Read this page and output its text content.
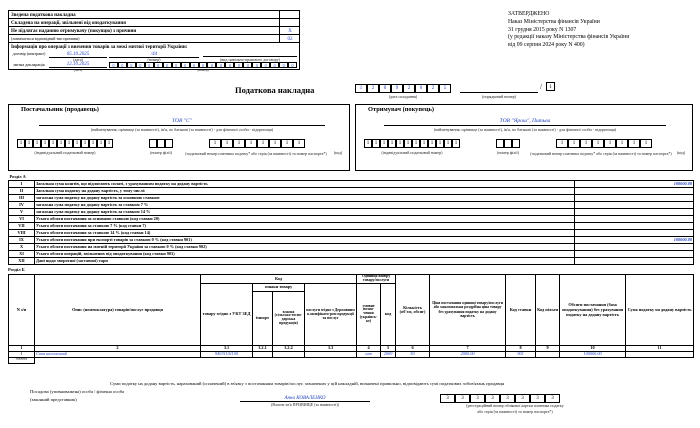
Зведена податкова накладна
Складена на операції, звільнені від оподаткування
Не підлягає наданню отримувачу (покупцю) з причини	X
(зазначається відповідний тип причини)	02
Інформація про операції з ввезення товарів за межі митної території України:
договір (контракт)	05.10.2025	/44
(дата)	(номер)	(вид цивільно-правового договору)
митна декларація	12.10.2025	0	0	0	0	0	0	0	0	0	0	0	0	0	0	0	0	0	0	0	0	0
(дата)	(номер)
ЗАТВЕРДЖЕНО
Наказ Міністерства фінансів України
31 грудня 2015 року N 1307
(у редакції наказу Міністерства фінансів України
від 09 серпня 2024 року N 400)
Податкова накладна	1	2	0	9	2	0	2	5
(дата складання)
/	1
(порядковий номер)
Постачальник (продавець)
ТОВ "С"
(найменування; прізвище (за наявності), ім'я, по батькові (за наявності) - для фізичної особи - підприємця)
1	1	1	1	1	1	1	1	1	1	1	1
(індивідуальний податковий номер)	(номер філії)
1	1	1	1	1	1	1	1
(податковий номер платника податку* або серія (за наявності) та номер паспорта*)	(код)
Отримувач (покупець)
ТОВ "Ярош", Питьва
(найменування; прізвище (за наявності), ім'я, по батькові (за наявності) - для фізичної особи - підприємця)
1	1	1	1	1	1	1	1	1	1	1	1
(індивідуальний податковий номер)	(номер філії)
1	1	1	1	1	1	1	1
(податковий номер платника податку* або серія (за наявності) та номер паспорта*)	(код)
Розділ А		
І	Загальна сума коштів, що підлягають сплаті, з урахуванням податку на додану вартість	100000.00
ІІ	Загальна сума податку на додану вартість, у тому числі:	
ІІІ	загальна сума податку на додану вартість за основною ставкою	
ІV	загальна сума податку на додану вартість за ставкою 7 %	
V	загальна сума податку на додану вартість за ставкою 14 %	
VІ	Усього обсяги постачання за основною ставкою (код ставки 20)	
VІІ	Усього обсяги постачання за ставкою 7 % (код ставки 7)	
VІІІ	Усього обсяги постачання за ставкою 14 % (код ставки 14)	
ІХ	Усього обсяги постачання при експорті товарів за ставкою 0 % (код ставки 901)	100000.00
Х	Усього обсяги постачання на митній території України за ставкою 0 % (код ставки 902)	
ХІ	Усього обсяги операцій, звільнених від оподаткування (код ставки 903)	
ХІІ	Дані щодо зворотної (заставної) тари	
Розділ Б
N з/п	Опис (номенклатура) товарів/послуг продавця	Код				Одиниця виміру товару/послуги		Кількість (об'єм, обсяг)	Ціна постачання одиниці товару/послуги або максимальна роздрібна ціна товару без урахування податку на додану вартість	Код ставки	Код пільги	Обсяги постачання (база оподаткування) без урахування податку на додану вартість	Сума податку на додану вартість
		товару згідно з УКТ ЗЕД	ознаки товару		послуги згідно з Державним класифікато-ром продукції та послуг	умовне позна-чення (українсь-ке)	код						
			імпорт	власна (сільсько-госпо-дарська продукція)									
1	2	3.1	3.2.1	3.2.2	3.3	4	5	6	7	8	9	10	11
1	Сока насиченний	94031101100				шт	2009	50	2000.00	901		100000.00	
999999													
Суми податку на додану вартість, нарахований (сплачений) в зв'язку з постачанням товарів/послуг, зазначених у цій накладній, визначені правильно, відповідають сумі податкових зобов'язань продавця
Посадова (уповноважена) особа / фізична особа
(законний представник)	Анна КОВАЛЕНКО
(Власне ім'я ПРІЗВИЩЕ (за наявності))
3	3	3	3	3	3	3	3
(реєстраційний номер облікової картки платника податку
або серія (за наявності) та номер паспорта*)
